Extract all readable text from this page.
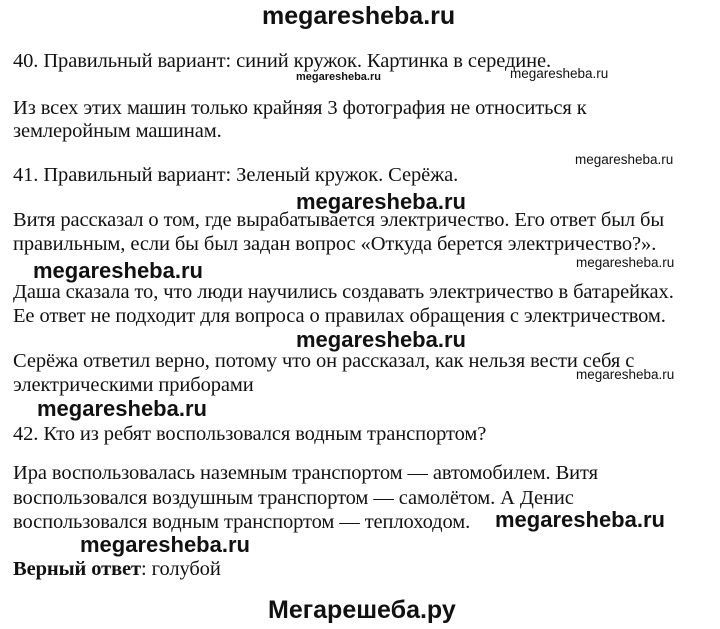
megaresheba.ru

40. Правильный вариант: синий кружок. Картинка в середине.

Из всех этих машин только крайняя 3 фотография не относиться к

землеройным машинам.

41. Правильный вариант: Зеленый кружок. Серёжа.

Витя рассказал о том, где вырабатывается электричество. Его ответ был бы

правильным, если бы был задан вопрос «Откуда берется электричество?».

Даша сказала то, что люди научились создавать электричество в батарейках.

Ее ответ не подходит для вопроса о правилах обращения с электричеством.

Серёжа ответил верно, потому что он рассказал, как нельзя вести себя с

электрическими приборами

42. Кто из ребят воспользовался водным транспортом?

Ира воспользовалась наземным транспортом — автомобилем. Витя

воспользовался воздушным транспортом — самолётом. А Денис

воспользовался водным транспортом — теплоходом.

Верный ответ: голубой

megaresheba.ru	megaresheba.ru
megaresheba.ru
megaresheba.ru
megaresheba.ru
megaresheba.ru
megaresheba.ru
megaresheba.ru
megaresheba.ru
megaresheba.ru
megaresheba.ru
Мегарешеба.ру
